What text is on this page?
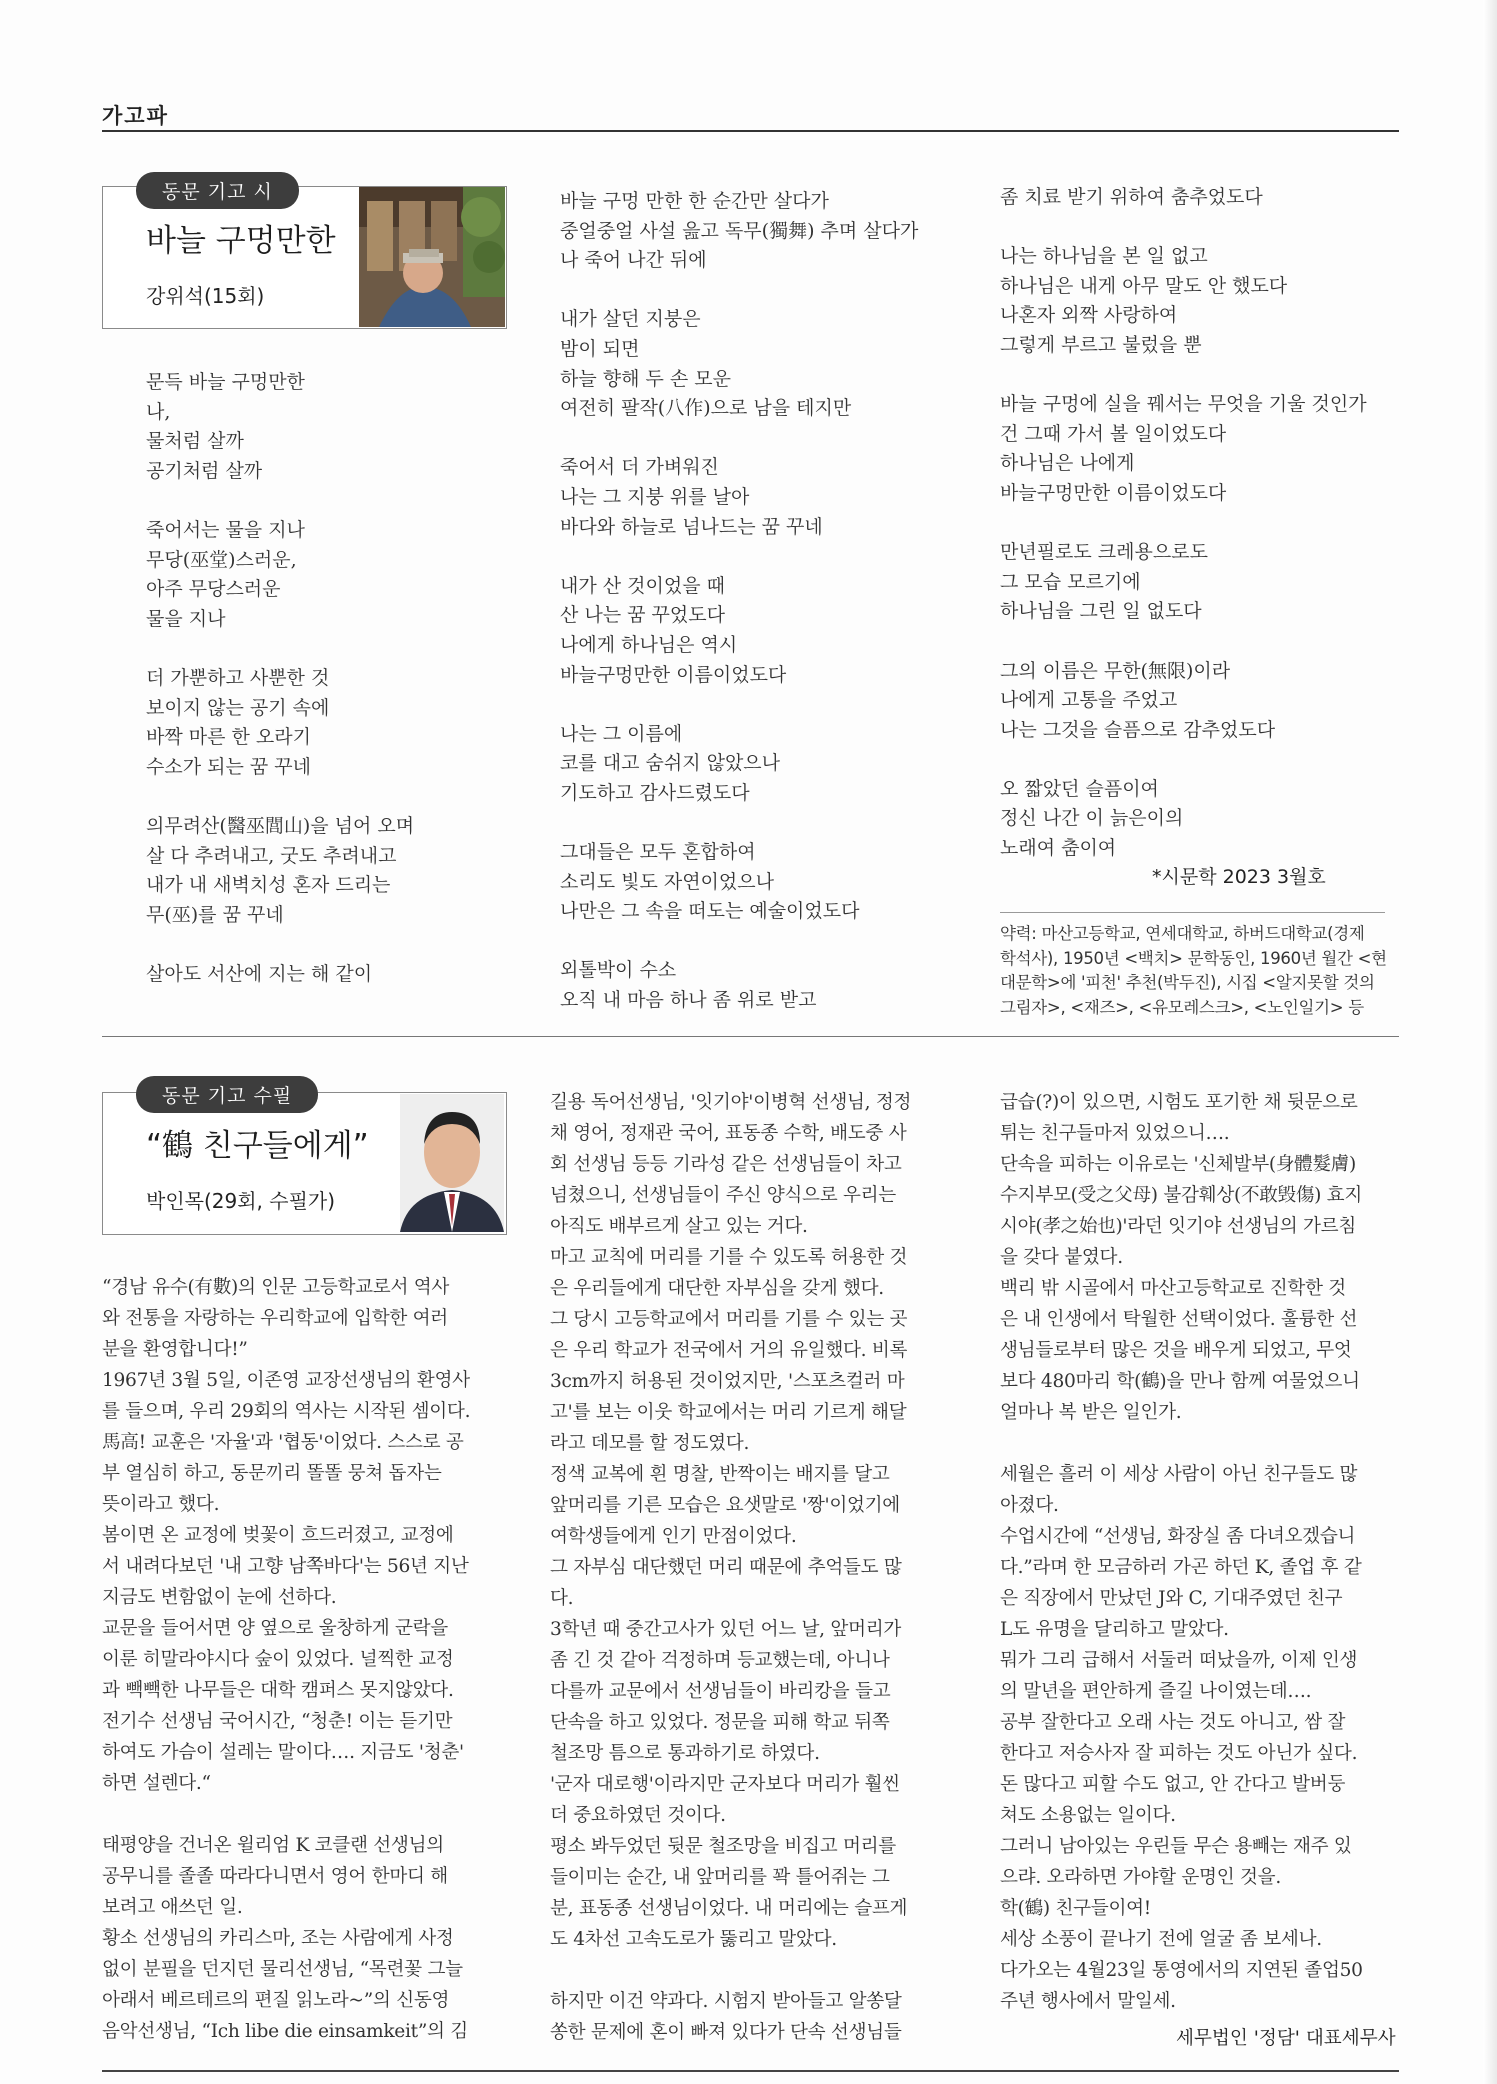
가고파
동문 기고 시
바늘 구멍만한
강위석(15회)
문득 바늘 구멍만한
나,
물처럼 살까
공기처럼 살까
죽어서는 물을 지나
무당(巫堂)스러운,
아주 무당스러운
물을 지나
더 가뿐하고 사뿐한 것
보이지 않는 공기 속에
바짝 마른 한 오라기
수소가 되는 꿈 꾸네
의무려산(醫巫閭山)을 넘어 오며
살 다 추려내고, 굿도 추려내고
내가 내 새벽치성 혼자 드리는
무(巫)를 꿈 꾸네
살아도 서산에 지는 해 같이
바늘 구멍 만한 한 순간만 살다가
중얼중얼 사설 읊고 독무(獨舞) 추며 살다가
나 죽어 나간 뒤에
내가 살던 지붕은
밤이 되면
하늘 향해 두 손 모운
여전히 팔작(八作)으로 남을 테지만
죽어서 더 가벼워진
나는 그 지붕 위를 날아
바다와 하늘로 넘나드는 꿈 꾸네
내가 산 것이었을 때
산 나는 꿈 꾸었도다
나에게 하나님은 역시
바늘구멍만한 이름이었도다
나는 그 이름에
코를 대고 숨쉬지 않았으나
기도하고 감사드렸도다
그대들은 모두 혼합하여
소리도 빛도 자연이었으나
나만은 그 속을 떠도는 예술이었도다
외톨박이 수소
오직 내 마음 하나 좀 위로 받고
좀 치료 받기 위하여 춤추었도다
나는 하나님을 본 일 없고
하나님은 내게 아무 말도 안 했도다
나혼자 외짝 사랑하여
그렇게 부르고 불렀을 뿐
바늘 구멍에 실을 꿰서는 무엇을 기울 것인가
건 그때 가서 볼 일이었도다
하나님은 나에게
바늘구멍만한 이름이었도다
만년필로도 크레용으로도
그 모습 모르기에
하나님을 그린 일 없도다
그의 이름은 무한(無限)이라
나에게 고통을 주었고
나는 그것을 슬픔으로 감추었도다
오 짧았던 슬픔이여
정신 나간 이 늙은이의
노래여 춤이여
*시문학 2023 3월호
약력: 마산고등학교, 연세대학교, 하버드대학교(경제
학석사), 1950년 <백치> 문학동인, 1960년 월간 <현
대문학>에 '피천' 추천(박두진), 시집 <알지못할 것의
그림자>, <재즈>, <유모레스크>, <노인일기> 등
동문 기고 수필
“鶴 친구들에게”
박인목(29회, 수필가)
“경남 유수(有數)의 인문 고등학교로서 역사
와 전통을 자랑하는 우리학교에 입학한 여러
분을 환영합니다!”
1967년 3월 5일, 이존영 교장선생님의 환영사
를 들으며, 우리 29회의 역사는 시작된 셈이다.
馬高! 교훈은 '자율'과 '협동'이었다. 스스로 공
부 열심히 하고, 동문끼리 똘똘 뭉쳐 돕자는
뜻이라고 했다.
봄이면 온 교정에 벚꽃이 흐드러졌고, 교정에
서 내려다보던 '내 고향 남쪽바다'는 56년 지난
지금도 변함없이 눈에 선하다.
교문을 들어서면 양 옆으로 울창하게 군락을
이룬 히말라야시다 숲이 있었다. 널찍한 교정
과 빽빽한 나무들은 대학 캠퍼스 못지않았다.
전기수 선생님 국어시간, “청춘! 이는 듣기만
하여도 가슴이 설레는 말이다…. 지금도 '청춘'
하면 설렌다.“
태평양을 건너온 윌리엄 K 코클랜 선생님의
공무니를 졸졸 따라다니면서 영어 한마디 해
보려고 애쓰던 일.
황소 선생님의 카리스마, 조는 사람에게 사정
없이 분필을 던지던 물리선생님, “목련꽃 그늘
아래서 베르테르의 편질 읽노라~”의 신동영
음악선생님, “Ich libe die einsamkeit”의 김
길용 독어선생님, '잇기야'이병혁 선생님, 정정
채 영어, 정재관 국어, 표동종 수학, 배도중 사
회 선생님 등등 기라성 같은 선생님들이 차고
넘쳤으니, 선생님들이 주신 양식으로 우리는
아직도 배부르게 살고 있는 거다.
마고 교칙에 머리를 기를 수 있도록 허용한 것
은 우리들에게 대단한 자부심을 갖게 했다.
그 당시 고등학교에서 머리를 기를 수 있는 곳
은 우리 학교가 전국에서 거의 유일했다. 비록
3cm까지 허용된 것이었지만, '스포츠컬러 마
고'를 보는 이웃 학교에서는 머리 기르게 해달
라고 데모를 할 정도였다.
정색 교복에 흰 명찰, 반짝이는 배지를 달고
앞머리를 기른 모습은 요샛말로 '짱'이었기에
여학생들에게 인기 만점이었다.
그 자부심 대단했던 머리 때문에 추억들도 많
다.
3학년 때 중간고사가 있던 어느 날, 앞머리가
좀 긴 것 같아 걱정하며 등교했는데, 아니나
다를까 교문에서 선생님들이 바리캉을 들고
단속을 하고 있었다. 정문을 피해 학교 뒤쪽
철조망 틈으로 통과하기로 하였다.
'군자 대로행'이라지만 군자보다 머리가 훨씬
더 중요하였던 것이다.
평소 봐두었던 뒷문 철조망을 비집고 머리를
들이미는 순간, 내 앞머리를 꽉 틀어쥐는 그
분, 표동종 선생님이었다. 내 머리에는 슬프게
도 4차선 고속도로가 뚫리고 말았다.
하지만 이건 약과다. 시험지 받아들고 알쏭달
쏭한 문제에 혼이 빠져 있다가 단속 선생님들
급습(?)이 있으면, 시험도 포기한 채 뒷문으로
튀는 친구들마저 있었으니….
단속을 피하는 이유로는 '신체발부(身體髮膚)
수지부모(受之父母) 불감훼상(不敢毁傷) 효지
시야(孝之始也)'라던 잇기야 선생님의 가르침
을 갖다 붙였다.
백리 밖 시골에서 마산고등학교로 진학한 것
은 내 인생에서 탁월한 선택이었다. 훌륭한 선
생님들로부터 많은 것을 배우게 되었고, 무엇
보다 480마리 학(鶴)을 만나 함께 여물었으니
얼마나 복 받은 일인가.
세월은 흘러 이 세상 사람이 아닌 친구들도 많
아졌다.
수업시간에 “선생님, 화장실 좀 다녀오겠습니
다.”라며 한 모금하러 가곤 하던 K, 졸업 후 같
은 직장에서 만났던 J와 C, 기대주였던 친구
L도 유명을 달리하고 말았다.
뭐가 그리 급해서 서둘러 떠났을까, 이제 인생
의 말년을 편안하게 즐길 나이였는데….
공부 잘한다고 오래 사는 것도 아니고, 쌈 잘
한다고 저승사자 잘 피하는 것도 아닌가 싶다.
돈 많다고 피할 수도 없고, 안 간다고 발버둥
쳐도 소용없는 일이다.
그러니 남아있는 우린들 무슨 용빼는 재주 있
으랴. 오라하면 가야할 운명인 것을.
학(鶴) 친구들이여!
세상 소풍이 끝나기 전에 얼굴 좀 보세나.
다가오는 4월23일 통영에서의 지연된 졸업50
주년 행사에서 말일세.
세무법인 '정담' 대표세무사
